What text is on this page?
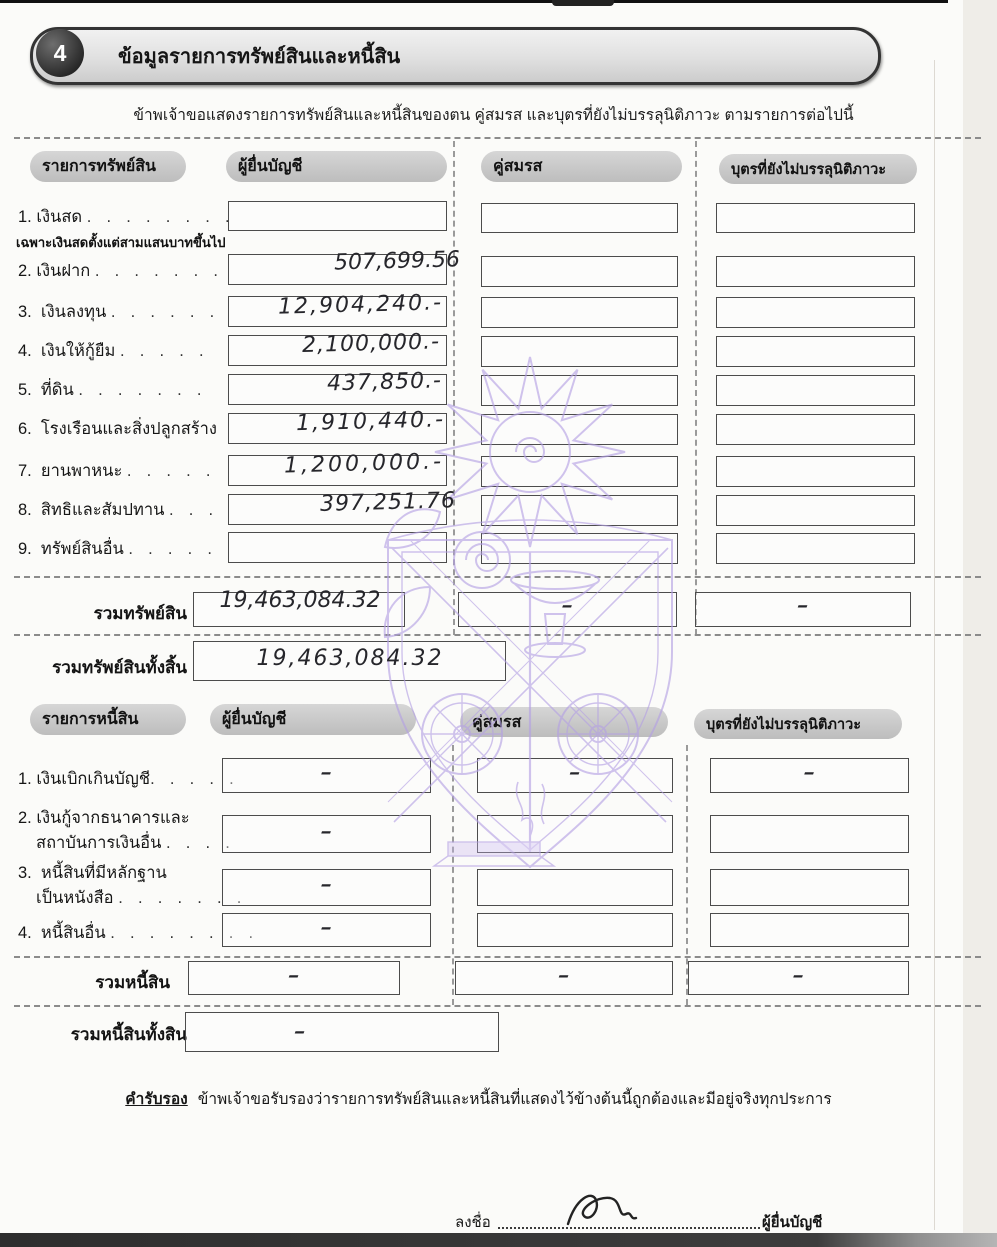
4	ข้อมูลรายการทรัพย์สินและหนี้สิน
ข้าพเจ้าขอแสดงรายการทรัพย์สินและหนี้สินของตน คู่สมรส และบุตรที่ยังไม่บรรลุนิติภาวะ ตามรายการต่อไปนี้
รายการทรัพย์สิน	ผู้ยื่นบัญชี	คู่สมรส	บุตรที่ยังไม่บรรลุนิติภาวะ
1. เงินสด .  .  .  .  .  .  .  .
เฉพาะเงินสดตั้งแต่สามแสนบาทขึ้นไป
2. เงินฝาก .  .  .  .  .  .  .	507,699.56
3.  เงินลงทุน .  .  .  .  .  .	12,904,240.-
4.  เงินให้กู้ยืม .  .  .  .  .	2,100,000.-
5.  ที่ดิน .  .  .  .  .  .  .	437,850.-
6.  โรงเรือนและสิ่งปลูกสร้าง	1,910,440.-
7.  ยานพาหนะ .  .  .  .  .	1,200,000.-
8.  สิทธิและสัมปทาน .  .  .	397,251.76
9.  ทรัพย์สินอื่น .  .  .  .  .
รวมทรัพย์สิน
19,463,084.32	-	-
รวมทรัพย์สินทั้งสิ้น	19,463,084.32
รายการหนี้สิน	ผู้ยื่นบัญชี	คู่สมรส	บุตรที่ยังไม่บรรลุนิติภาวะ
1. เงินเบิกเกินบัญชี.  .  .  .  .	-	-	-
2. เงินกู้จากธนาคารและ
สถาบันการเงินอื่น .  .  .  .
-
3.  หนี้สินที่มีหลักฐาน
เป็นหนังสือ .  .  .  .  .  .  .
-
4.  หนี้สินอื่น .  .  .  .  .  .  .  .	-
รวมหนี้สิน	-	-	-
รวมหนี้สินทั้งสิน	-
คำรับรอง ข้าพเจ้าขอรับรองว่ารายการทรัพย์สินและหนี้สินที่แสดงไว้ข้างต้นนี้ถูกต้องและมีอยู่จริงทุกประการ
ลงชื่อ	ผู้ยื่นบัญชี
